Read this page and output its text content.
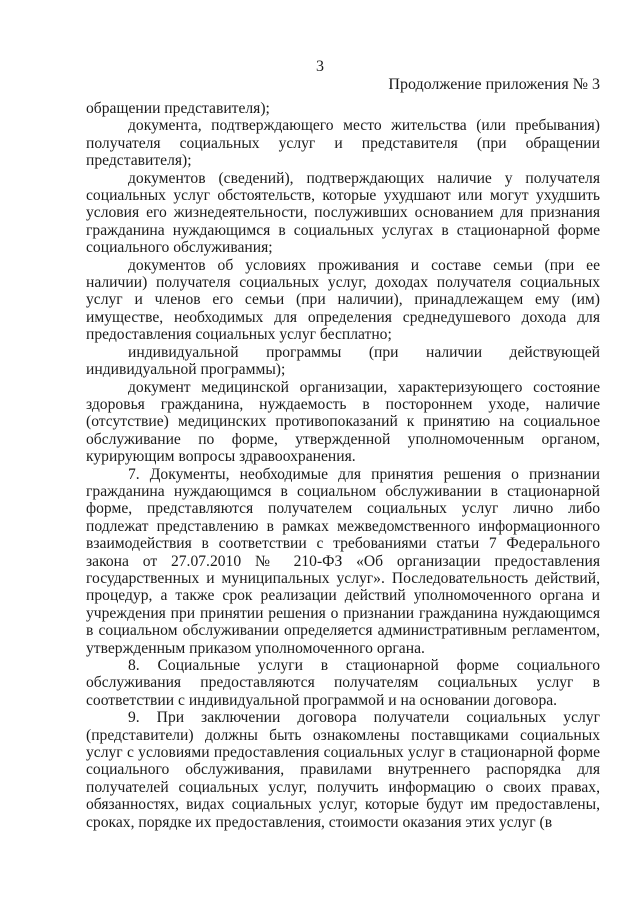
3
Продолжение приложения № 3

обращении представителя);

документа, подтверждающего место жительства (или пребывания) получателя социальных услуг и представителя (при обращении представителя);

документов (сведений), подтверждающих наличие у получателя социальных услуг обстоятельств, которые ухудшают или могут ухудшить условия его жизнедеятельности, послуживших основанием для признания гражданина нуждающимся в социальных услугах в стационарной форме социального обслуживания;

документов об условиях проживания и составе семьи (при ее наличии) получателя социальных услуг, доходах получателя социальных услуг и членов его семьи (при наличии), принадлежащем ему (им) имуществе, необходимых для определения среднедушевого дохода для предоставления социальных услуг бесплатно;

индивидуальной программы (при наличии действующей индивидуальной программы);

документ медицинской организации, характеризующего состояние здоровья гражданина, нуждаемость в постороннем уходе, наличие (отсутствие) медицинских противопоказаний к принятию на социальное обслуживание по форме, утвержденной уполномоченным органом, курирующим вопросы здравоохранения.

7. Документы, необходимые для принятия решения о признании гражданина нуждающимся в социальном обслуживании в стационарной форме, представляются получателем социальных услуг лично либо подлежат представлению в рамках межведомственного информационного взаимодействия в соответствии с требованиями статьи 7 Федерального закона от 27.07.2010 № 210-ФЗ «Об организации предоставления государственных и муниципальных услуг». Последовательность действий, процедур, а также срок реализации действий уполномоченного органа и учреждения при принятии решения о признании гражданина нуждающимся в социальном обслуживании определяется административным регламентом, утвержденным приказом уполномоченного органа.

8. Социальные услуги в стационарной форме социального обслуживания предоставляются получателям социальных услуг в соответствии с индивидуальной программой и на основании договора.

9. При заключении договора получатели социальных услуг (представители) должны быть ознакомлены поставщиками социальных услуг с условиями предоставления социальных услуг в стационарной форме социального обслуживания, правилами внутреннего распорядка для получателей социальных услуг, получить информацию о своих правах, обязанностях, видах социальных услуг, которые будут им предоставлены, сроках, порядке их предоставления, стоимости оказания этих услуг (в
